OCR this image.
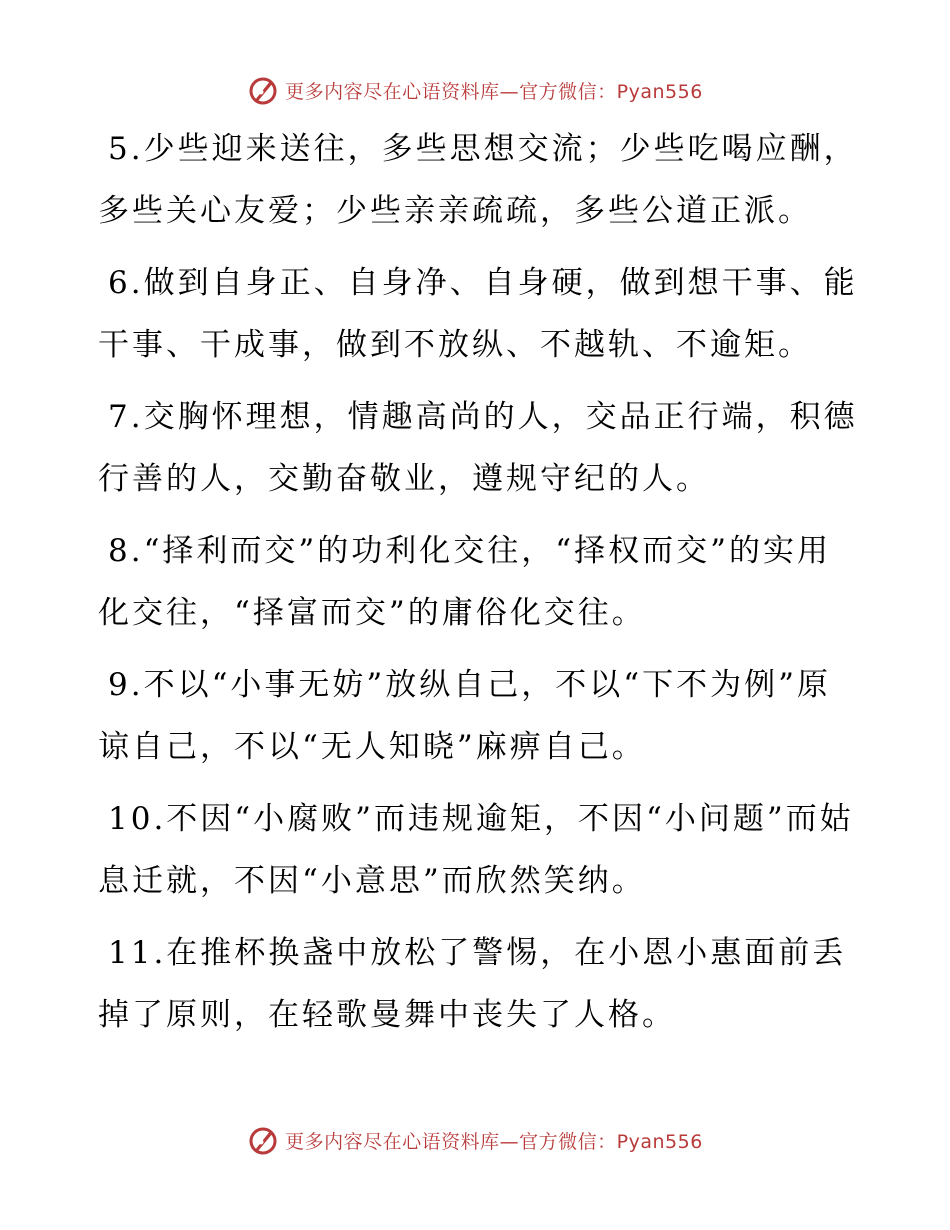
更多内容尽在心语资料库—官方微信：Pyan556

5.少些迎来送往，多些思想交流；少些吃喝应酬，多些关心友爱；少些亲亲疏疏，多些公道正派。

6.做到自身正、自身净、自身硬，做到想干事、能干事、干成事，做到不放纵、不越轨、不逾矩。

7.交胸怀理想，情趣高尚的人，交品正行端，积德行善的人，交勤奋敬业，遵规守纪的人。

8.“择利而交”的功利化交往，“择权而交”的实用化交往，“择富而交”的庸俗化交往。

9.不以“小事无妨”放纵自己，不以“下不为例”原谅自己，不以“无人知晓”麻痹自己。

10.不因“小腐败”而违规逾矩，不因“小问题”而姑息迁就，不因“小意思”而欣然笑纳。

11.在推杯换盏中放松了警惕，在小恩小惠面前丢掉了原则，在轻歌曼舞中丧失了人格。

更多内容尽在心语资料库—官方微信：Pyan556
